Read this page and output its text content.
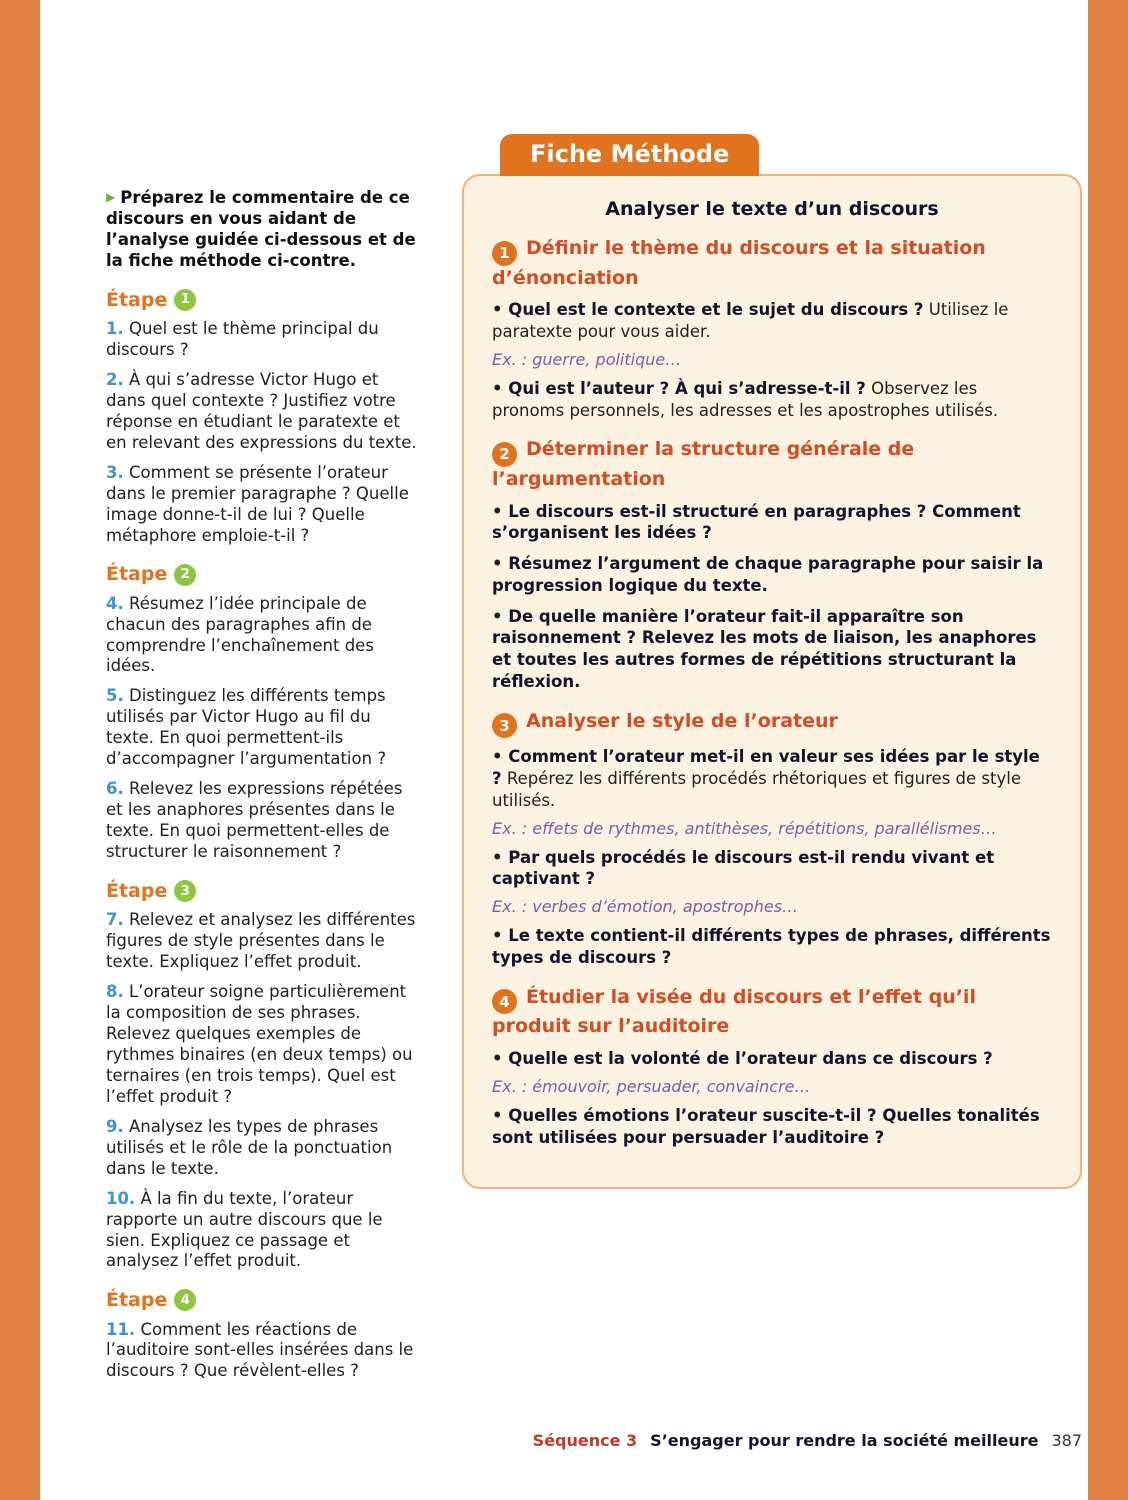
▶ Préparez le commentaire de ce discours en vous aidant de l’analyse guidée ci-dessous et de la fiche méthode ci-contre.

Étape 1

1. Quel est le thème principal du discours ?

2. À qui s’adresse Victor Hugo et dans quel contexte ? Justifiez votre réponse en étudiant le paratexte et en relevant des expressions du texte.

3. Comment se présente l’orateur dans le premier paragraphe ? Quelle image donne-t-il de lui ? Quelle métaphore emploie-t-il ?

Étape 2

4. Résumez l’idée principale de chacun des paragraphes afin de comprendre l’enchaînement des idées.

5. Distinguez les différents temps utilisés par Victor Hugo au fil du texte. En quoi permettent-ils d’accompagner l’argumentation ?

6. Relevez les expressions répétées et les anaphores présentes dans le texte. En quoi permettent-elles de structurer le raisonnement ?

Étape 3

7. Relevez et analysez les différentes figures de style présentes dans le texte. Expliquez l’effet produit.

8. L’orateur soigne particulièrement la composition de ses phrases. Relevez quelques exemples de rythmes binaires (en deux temps) ou ternaires (en trois temps). Quel est l’effet produit ?

9. Analysez les types de phrases utilisés et le rôle de la ponctuation dans le texte.

10. À la fin du texte, l’orateur rapporte un autre discours que le sien. Expliquez ce passage et analysez l’effet produit.

Étape 4

11. Comment les réactions de l’auditoire sont-elles insérées dans le discours ? Que révèlent-elles ?

Fiche Méthode
Analyser le texte d’un discours
1 Définir le thème du discours et la situation d’énonciation

• Quel est le contexte et le sujet du discours ? Utilisez le paratexte pour vous aider.

Ex. : guerre, politique…

• Qui est l’auteur ? À qui s’adresse-t-il ? Observez les pronoms personnels, les adresses et les apostrophes utilisés.

2 Déterminer la structure générale de l’argumentation

• Le discours est-il structuré en paragraphes ? Comment s’organisent les idées ?

• Résumez l’argument de chaque paragraphe pour saisir la progression logique du texte.

• De quelle manière l’orateur fait-il apparaître son raisonnement ? Relevez les mots de liaison, les anaphores et toutes les autres formes de répétitions structurant la réflexion.

3 Analyser le style de l’orateur

• Comment l’orateur met-il en valeur ses idées par le style ? Repérez les différents procédés rhétoriques et figures de style utilisés.

Ex. : effets de rythmes, antithèses, répétitions, parallélismes…

• Par quels procédés le discours est-il rendu vivant et captivant ?

Ex. : verbes d’émotion, apostrophes…

• Le texte contient-il différents types de phrases, différents types de discours ?

4 Étudier la visée du discours et l’effet qu’il produit sur l’auditoire

• Quelle est la volonté de l’orateur dans ce discours ?

Ex. : émouvoir, persuader, convaincre…

• Quelles émotions l’orateur suscite-t-il ? Quelles tonalités sont utilisées pour persuader l’auditoire ?

Séquence 3 S’engager pour rendre la société meilleure 387
